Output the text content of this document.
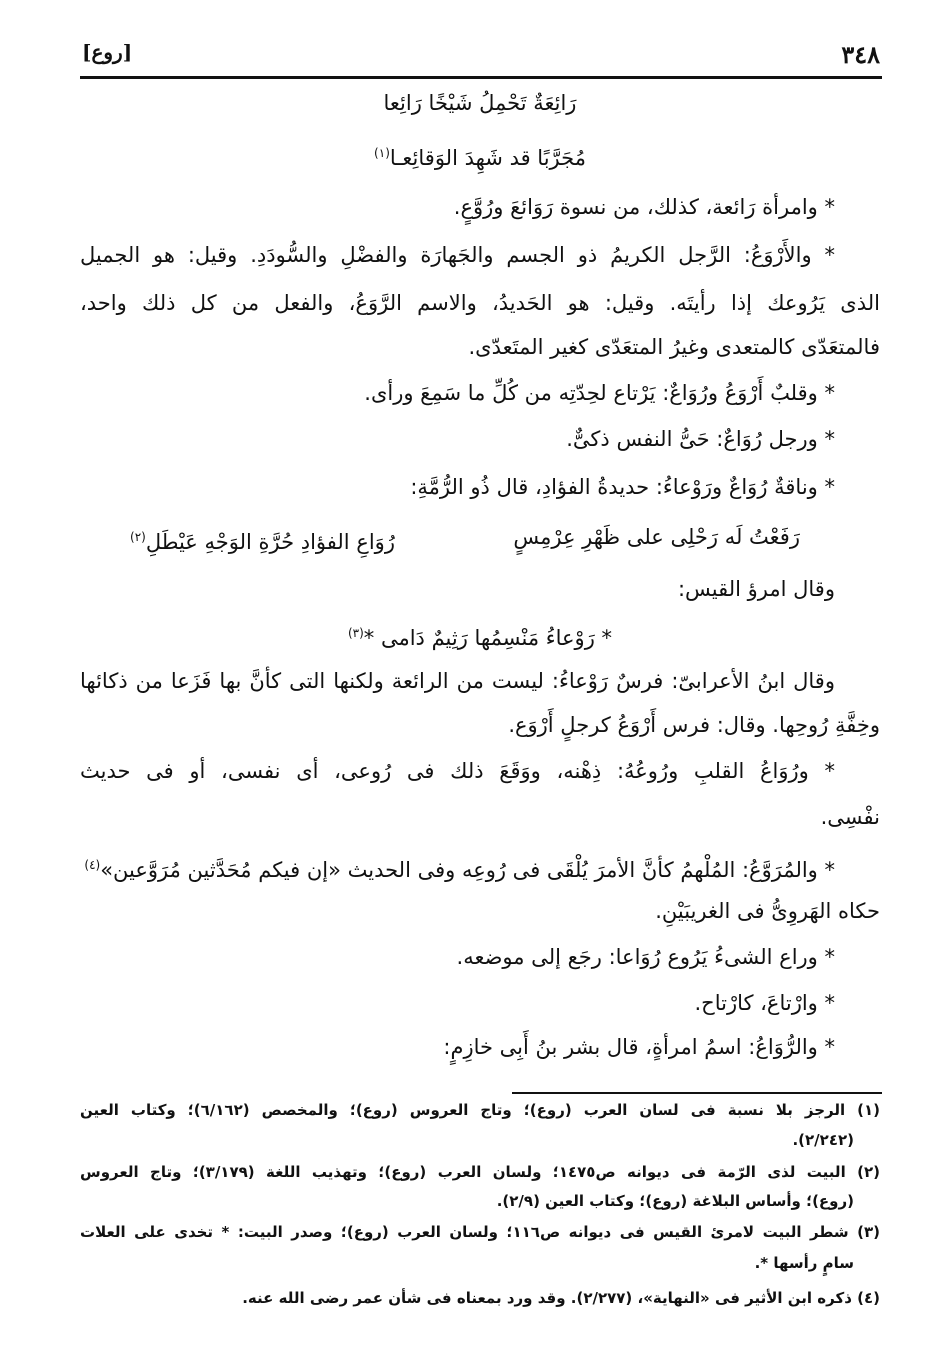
٣٤٨
[روع]
رَائِعَةٌ تَحْمِلُ شَيْخًا رَائِعا
مُجَرَّبًا قد شَهِدَ الوَقائِعـا$^{(١)}$
* وامرأة رَائعة، كذلك، من نسوة رَوَائعَ ورُوَّعٍ.
* والأَرْوَعُ: الرَّجل الكريمُ ذو الجسم والجَهارَة والفضْلِ والسُّودَدِ. وقيل: هو الجميل
الذى يَرُوعك إذا رأيتَه. وقيل: هو الحَديدُ، والاسم الرَّوَعُ، والفعل من كل ذلك واحد،
فالمتعَدّى كالمتعدى وغيرُ المتعَدّى كغير المتَعدّى.
* وقلبٌ أَرْوَعُ ورُوَاعٌ: يَرْتاع لحِدّتِه من كُلِّ ما سَمِعَ ورأى.
* ورجل رُوَاعٌ: حَىُّ النفس ذكىٌّ.
* وناقةٌ رُوَاعٌ ورَوْعاءُ: حديدةُ الفؤادِ، قال ذُو الرُّمَّةِ:
رَفَعْتُ لَه رَحْلِى على ظَهْرِ عِرْمِسٍ
رُوَاعِ الفؤادِ حُرَّةِ الوَجْهِ عَيْطَلِ$^{(٢)}$
وقال امرؤ القيس:
* رَوْعاءُ مَنْسِمُها رَثِيمٌ دَامى *$^{(٣)}$
وقال ابنُ الأعرابىّ: فرسٌ رَوْعاءُ: ليست من الرائعة ولكنها التى كأنَّ بها فَزَعا من ذكائها
وخِفَّةِ رُوحِها. وقال: فرس أَرْوَعُ كرجلٍ أَرْوَع.
* ورُوَاعُ القلبِ ورُوعُهُ: ذِهْنه، ووَقَعَ ذلك فى رُوعى، أى نفسى، أو فى حديث
نفْسِى.
* والمُرَوَّعُ: المُلْهمُ كأنَّ الأمرَ يُلْقَى فى رُوعِه وفى الحديث «إن فيكم مُحَدَّثين مُرَوَّعين»$^{(٤)}$
حكاه الهَروِىُّ فى الغريبَيْنِ.
* وراع الشىءُ يَرُوع رُوَاعا: رجَع إلى موضعه.
* وارْتاعَ، كارْتاح.
* والرُّوَاعُ: اسمُ امرأةٍ، قال بشر بنُ أَبِى خازِمٍ:
(١) الرجز بلا نسبة فى لسان العرب (روع)؛ وتاج العروس (روع)؛ والمخصص (٦/١٦٢)؛ وكتاب العين
(٢/٢٤٢).
(٢) البيت لذى الرّمة فى ديوانه ص١٤٧٥؛ ولسان العرب (روع)؛ وتهذيب اللغة (٣/١٧٩)؛ وتاج العروس
(روع)؛ وأساس البلاغة (روع)؛ وكتاب العين (٢/٩).
(٣) شطر البيت لامرئ القيس فى ديوانه ص١١٦؛ ولسان العرب (روع)؛ وصدر البيت: * تخدى على العلات
سامٍ رأسها *.
(٤) ذكره ابن الأثير فى «النهاية»، (٢/٢٧٧). وقد ورد بمعناه فى شأن عمر رضى الله عنه.
